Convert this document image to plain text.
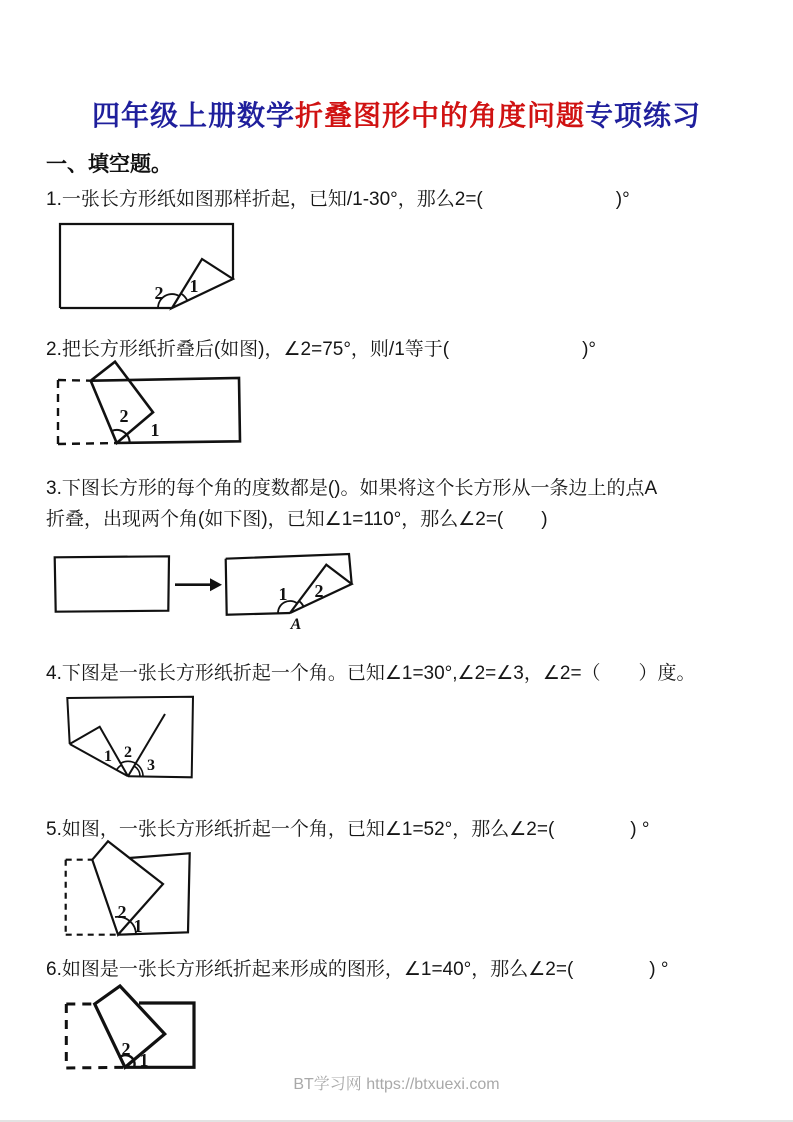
四年级上册数学折叠图形中的角度问题专项练习
一、填空题。
1.一张长方形纸如图那样折起，已知/1-30°，那么2=(　　　　　　　)°
2 1
2.把长方形纸折叠后(如图)，∠2=75°，则/1等于(　　　　　　　)°
2
1
3.下图长方形的每个角的度数都是()。如果将这个长方形从一条边上的点A
折叠，出现两个角(如下图)，已知∠1=110°，那么∠2=(　　)
1 2
A
4.下图是一张长方形纸折起一个角。已知∠1=30°,∠2=∠3，∠2=（　　）度。
1 2
3
5.如图，一张长方形纸折起一个角，已知∠1=52°，那么∠2=(　　　　) °
2
1
6.如图是一张长方形纸折起来形成的图形，∠1=40°，那么∠2=(　　　　) °
2
1
BT学习网 https://btxuexi.com
